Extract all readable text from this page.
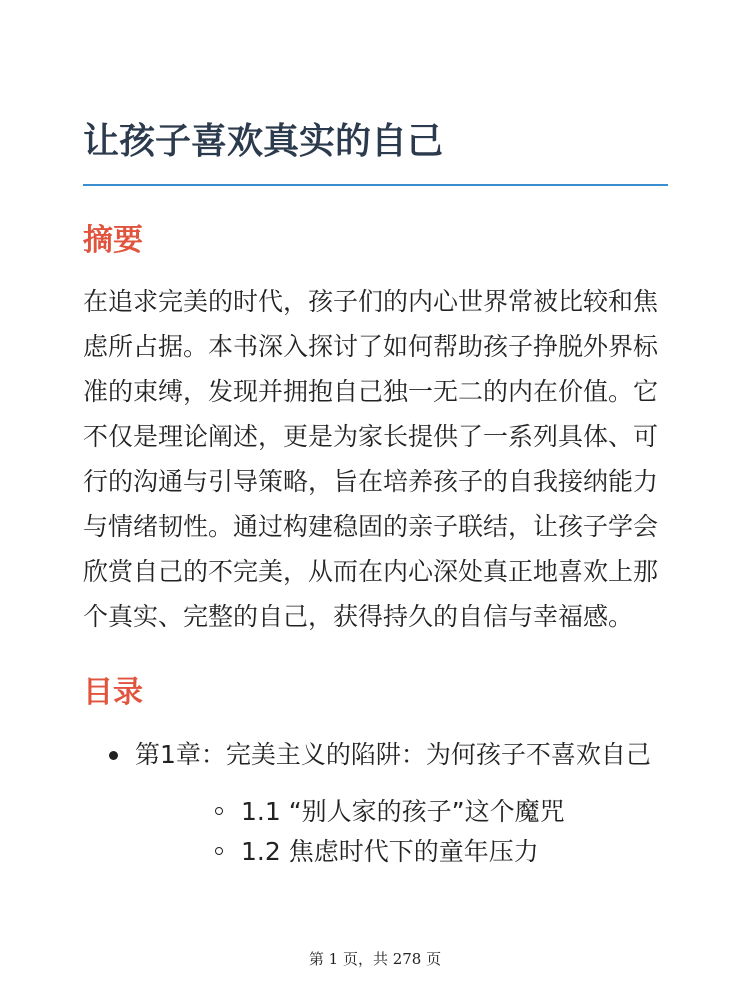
让孩子喜欢真实的自己
摘要

在追求完美的时代，孩子们的内心世界常被比较和焦虑所占据。本书深入探讨了如何帮助孩子挣脱外界标准的束缚，发现并拥抱自己独一无二的内在价值。它不仅是理论阐述，更是为家长提供了一系列具体、可行的沟通与引导策略，旨在培养孩子的自我接纳能力与情绪韧性。通过构建稳固的亲子联结，让孩子学会欣赏自己的不完美，从而在内心深处真正地喜欢上那个真实、完整的自己，获得持久的自信与幸福感。

目录
第1章：完美主义的陷阱：为何孩子不喜欢自己
1.1 “别人家的孩子”这个魔咒
1.2 焦虑时代下的童年压力
第 1 页，共 278 页
